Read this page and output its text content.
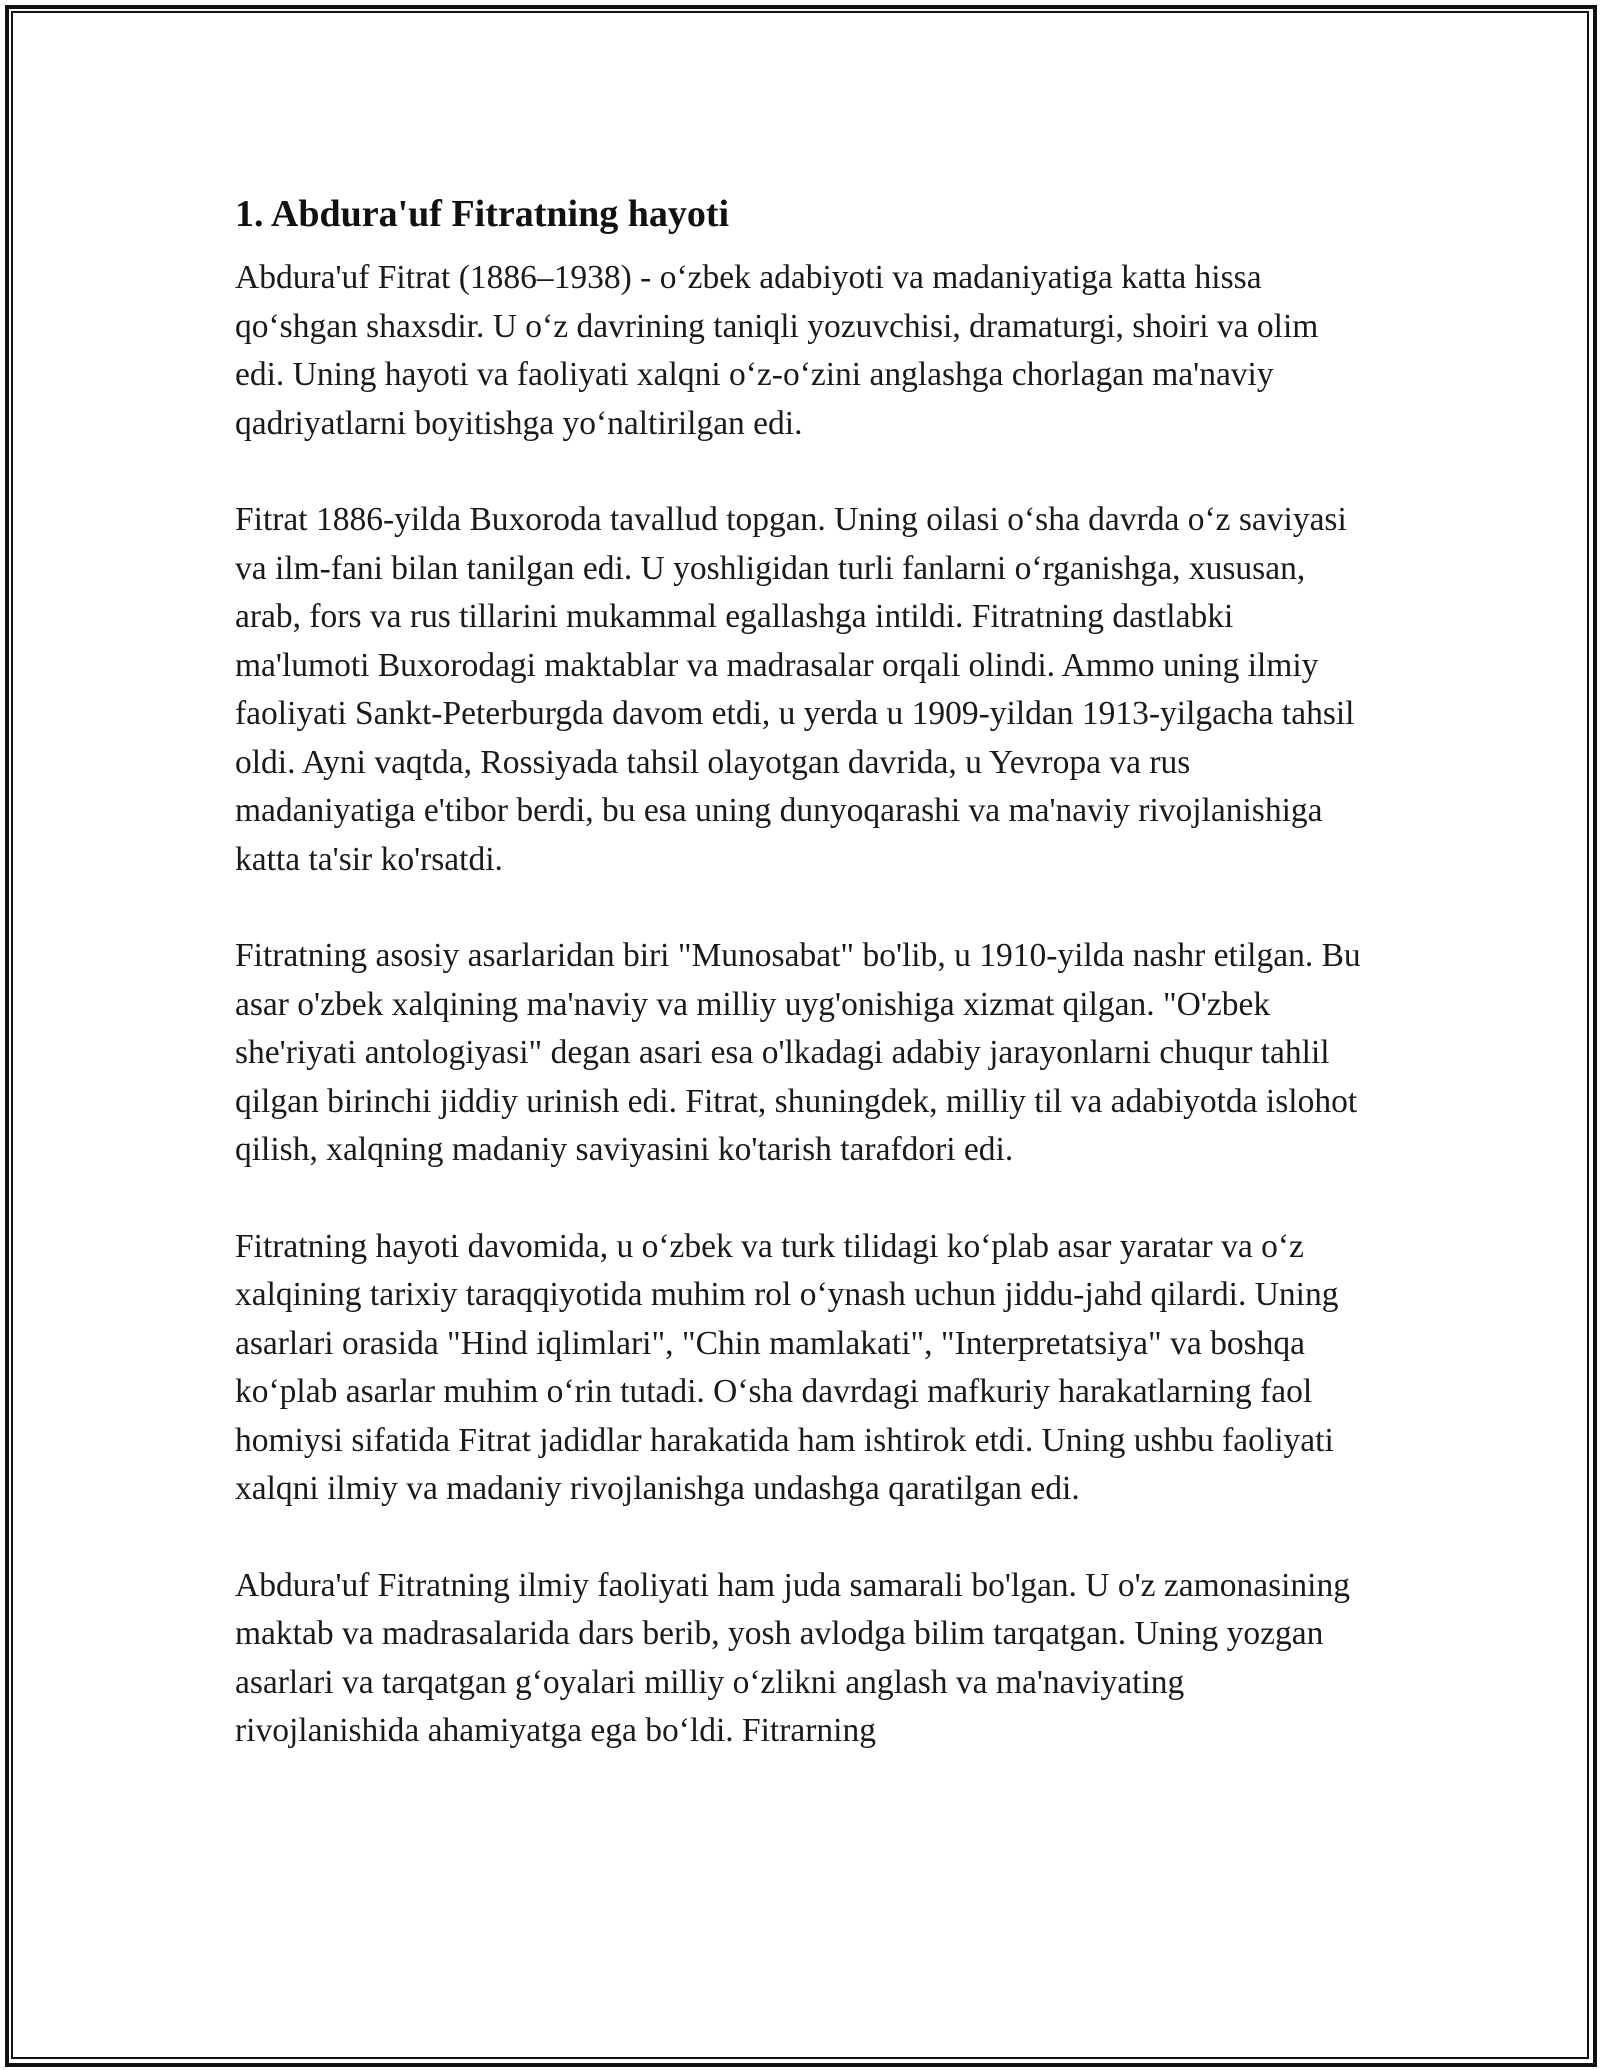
1. Abdura'uf Fitratning hayoti

Abdura'uf Fitrat (1886–1938) - o‘zbek adabiyoti va madaniyatiga katta hissa qo‘shgan shaxsdir. U o‘z davrining taniqli yozuvchisi, dramaturgi, shoiri va olim edi. Uning hayoti va faoliyati xalqni o‘z-o‘zini anglashga chorlagan ma'naviy qadriyatlarni boyitishga yo‘naltirilgan edi.

Fitrat 1886-yilda Buxoroda tavallud topgan. Uning oilasi o‘sha davrda o‘z saviyasi va ilm-fani bilan tanilgan edi. U yoshligidan turli fanlarni o‘rganishga, xususan, arab, fors va rus tillarini mukammal egallashga intildi. Fitratning dastlabki ma'lumoti Buxorodagi maktablar va madrasalar orqali olindi. Ammo uning ilmiy faoliyati Sankt-Peterburgda davom etdi, u yerda u 1909-yildan 1913-yilgacha tahsil oldi. Ayni vaqtda, Rossiyada tahsil olayotgan davrida, u Yevropa va rus madaniyatiga e'tibor berdi, bu esa uning dunyoqarashi va ma'naviy rivojlanishiga katta ta'sir ko'rsatdi.

Fitratning asosiy asarlaridan biri "Munosabat" bo'lib, u 1910-yilda nashr etilgan. Bu asar o'zbek xalqining ma'naviy va milliy uyg'onishiga xizmat qilgan. "O'zbek she'riyati antologiyasi" degan asari esa o'lkadagi adabiy jarayonlarni chuqur tahlil qilgan birinchi jiddiy urinish edi. Fitrat, shuningdek, milliy til va adabiyotda islohot qilish, xalqning madaniy saviyasini ko'tarish tarafdori edi.

Fitratning hayoti davomida, u o‘zbek va turk tilidagi ko‘plab asar yaratar va o‘z xalqining tarixiy taraqqiyotida muhim rol o‘ynash uchun jiddu-jahd qilardi. Uning asarlari orasida "Hind iqlimlari", "Chin mamlakati", "Interpretatsiya" va boshqa ko‘plab asarlar muhim o‘rin tutadi. O‘sha davrdagi mafkuriy harakatlarning faol homiysi sifatida Fitrat jadidlar harakatida ham ishtirok etdi. Uning ushbu faoliyati xalqni ilmiy va madaniy rivojlanishga undashga qaratilgan edi.

Abdura'uf Fitratning ilmiy faoliyati ham juda samarali bo'lgan. U o'z zamonasining maktab va madrasalarida dars berib, yosh avlodga bilim tarqatgan. Uning yozgan asarlari va tarqatgan g‘oyalari milliy o‘zlikni anglash va ma'naviyating rivojlanishida ahamiyatga ega bo‘ldi. Fitrarning
